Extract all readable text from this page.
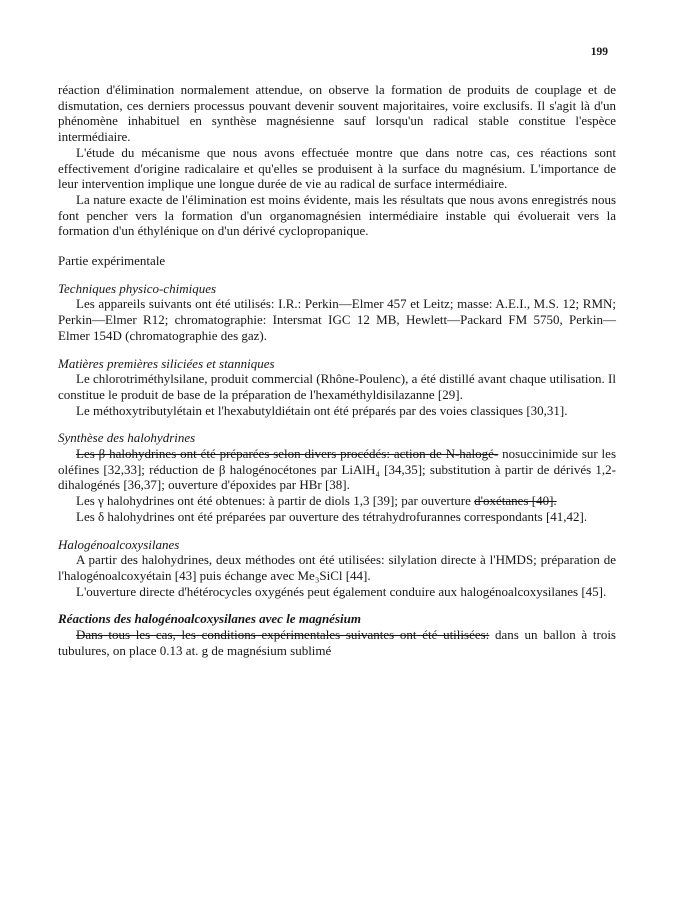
199

réaction d'élimination normalement attendue, on observe la formation de produits de couplage et de dismutation, ces derniers processus pouvant devenir souvent majoritaires, voire exclusifs. Il s'agit là d'un phénomène inhabituel en synthèse magnésienne sauf lorsqu'un radical stable constitue l'espèce intermédiaire.

L'étude du mécanisme que nous avons effectuée montre que dans notre cas, ces réactions sont effectivement d'origine radicalaire et qu'elles se produisent à la surface du magnésium. L'importance de leur intervention implique une longue durée de vie au radical de surface intermédiaire.

La nature exacte de l'élimination est moins évidente, mais les résultats que nous avons enregistrés nous font pencher vers la formation d'un organomagnésien intermédiaire instable qui évoluerait vers la formation d'un éthylénique on d'un dérivé cyclopropanique.

Partie expérimentale

Techniques physico-chimiques

Les appareils suivants ont été utilisés: I.R.: Perkin—Elmer 457 et Leitz; masse: A.E.I., M.S. 12; RMN; Perkin—Elmer R12; chromatographie: Intersmat IGC 12 MB, Hewlett—Packard FM 5750, Perkin—Elmer 154D (chromatographie des gaz).

Matières premières siliciées et stanniques

Le chlorotriméthylsilane, produit commercial (Rhône-Poulenc), a été distillé avant chaque utilisation. Il constitue le produit de base de la préparation de l'hexaméthyldisilazanne [29].

Le méthoxytributylétain et l'hexabutyldiétain ont été préparés par des voies classiques [30,31].

Synthèse des halohydrines

Les β halohydrines ont été préparées selon divers procédés: action de N-halogé- nosuccinimide sur les oléfines [32,33]; réduction de β halogénocétones par LiAlH₄ [34,35]; substitution à partir de dérivés 1,2-dihalogénés [36,37]; ouverture d'époxides par HBr [38].

Les γ halohydrines ont été obtenues: à partir de diols 1,3 [39]; par ouverture d'oxétanes [40].

Les δ halohydrines ont été préparées par ouverture des tétrahydrofurannes correspondants [41,42].

Halogénoalcoxysilanes

A partir des halohydrines, deux méthodes ont été utilisées: silylation directe à l'HMDS; préparation de l'halogénoalcoxyétain [43] puis échange avec Me₃SiCl [44].

L'ouverture directe d'hétérocycles oxygénés peut également conduire aux halogénoalcoxysilanes [45].

Réactions des halogénoalcoxysilanes avec le magnésium

Dans tous les cas, les conditions expérimentales suivantes ont été utilisées: dans un ballon à trois tubulures, on place 0.13 at. g de magnésium sublimé
